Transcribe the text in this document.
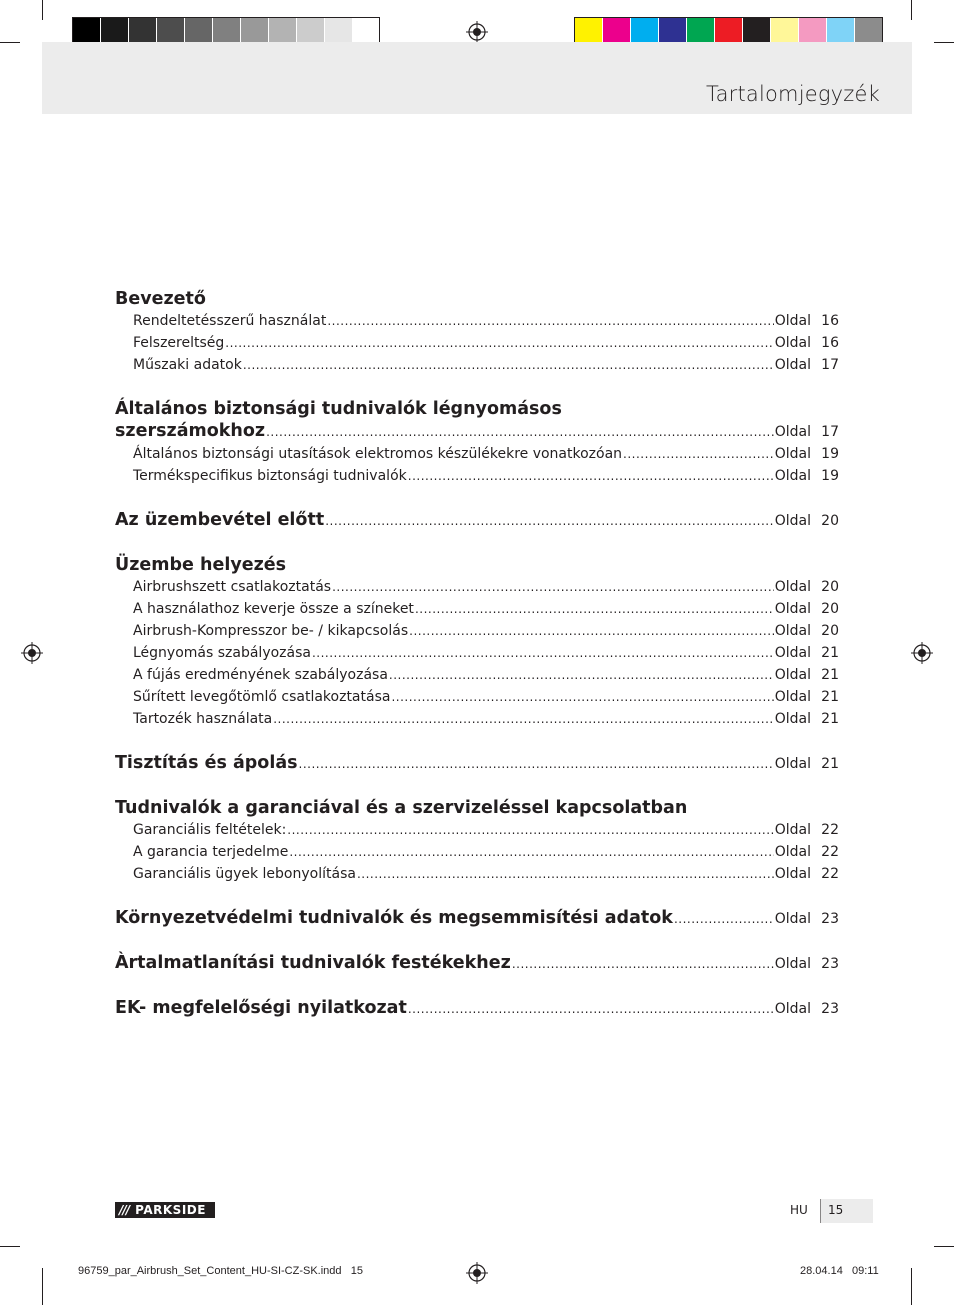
Tartalomjegyzék
Bevezető
Rendeltetésszerű használat .....	Oldal 16
Felszereltség .....	Oldal 16
Műszaki adatok .....	Oldal 17
Általános biztonsági tudnivalók légnyomásos
szerszámokhoz .....	Oldal 17
Általános biztonsági utasítások elektromos készülékekre vonatkozóan .....	Oldal 19
Termékspecifikus biztonsági tudnivalók .....	Oldal 19
Az üzembevétel előtt .....	Oldal 20
Üzembe helyezés
Airbrushszett csatlakoztatás .....	Oldal 20
A használathoz keverje össze a színeket .....	Oldal 20
Airbrush-Kompresszor be- / kikapcsolás .....	Oldal 20
Légnyomás szabályozása .....	Oldal 21
A fújás eredményének szabályozása .....	Oldal 21
Sűrített levegőtömlő csatlakoztatása .....	Oldal 21
Tartozék használata .....	Oldal 21
Tisztítás és ápolás .....	Oldal 21
Tudnivalók a garanciával és a szervizeléssel kapcsolatban
Garanciális feltételek: .....	Oldal 22
A garancia terjedelme .....	Oldal 22
Garanciális ügyek lebonyolítása .....	Oldal 22
Környezetvédelmi tudnivalók és megsemmisítési adatok .....	Oldal 23
Àrtalmatlanítási tudnivalók festékekhez .....	Oldal 23
EK- megfelelőségi nyilatkozat .....	Oldal 23
/// PARKSIDE	HU 15
96759_par_Airbrush_Set_Content_HU-SI-CZ-SK.indd   15	28.04.14   09:11
